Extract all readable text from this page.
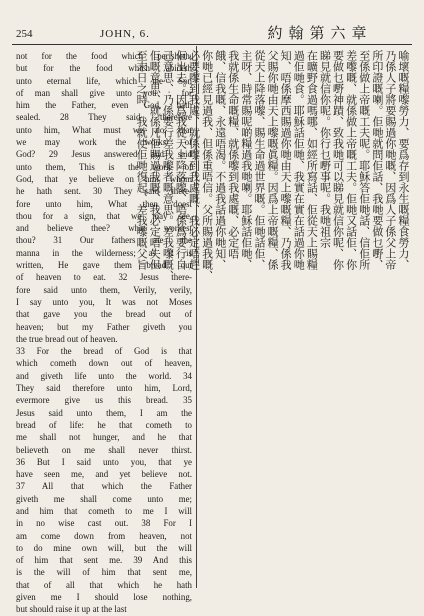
254	JOHN, 6.	約翰第六章
not for the food which perisheth,
but for the food which abideth
unto eternal life, which the Son
of man shall give unto you : for
him the Father, even God, hath
sealed. 28 They said therefore
unto him, What must we do, that
we may work the works of
God? 29 Jesus answered and said
unto them, This is the work of
God, that ye believe on him whom
he hath sent. 30 They said there-
fore unto him, What then doest
thou for a sign, that we may see,
and believe thee? what workest
thou? 31 Our fathers ate the
manna in the wilderness; as it is
written, He gave them bread out
of heaven to eat. 32 Jesus there-
fore said unto them, Verily, verily,
I say unto you, It was not Moses
that gave you the bread out of
heaven; but my Father giveth you
the true bread out of heaven.
33 For the bread of God is that
which cometh down out of heaven,
and giveth life unto the world. 34
They said therefore unto him, Lord,
evermore give us this bread. 35
Jesus said unto them, I am the
bread of life: he that cometh to
me shall not hunger, and he that
believeth on me shall never thirst.
36 But I said unto you, that ye
have seen me, and yet believe not.
37 All that which the Father
giveth me shall come unto me;
and him that cometh to me I will
in no wise cast out. 38 For I
am come down from heaven, not
to do mine own will, but the will
of him that sent me. 39 And this
is the will of him that sent me,
that of all that which he hath
given me I should lose nothing,
but should raise it up at the last
喻壞嘅糧嚟勞力、要爲存到永生嘅糧食勞力、
乃係人子將要賜過你哋嘅、因爲人子係父上帝
所印證嘅喇。佢哋就問佢話、我哋要做乜嘢、
至係做上帝嘅工夫呢。耶穌答佢哋話、信佢所
差嚟嘅、就係做上帝嘅工夫。佢哋又話佢、你
要做乜嘢神蹟、致我哋可以睇見就信你呢、你
睇見就信你呢。你行乜嘢事呢。我哋祖宗
在曠野食過嗎哪、如經所寫話、佢從天上賜糧
過佢哋食。耶穌話佢哋、我實在實在話過你哋
知、唔係摩西賜過你哋由天上嚟嘅糧、乃係我
父賜你哋由天上嚟嘅眞糧。因爲上帝嘅糧、係
從天上降落嚟、賜生命過世界嘅。佢哋話佢、
主呀、時常賜呢啲糧過我哋喇。耶穌話佢哋、
我就係生命嘅糧、就係嚟到我處嘅、必定唔
餓、信我嘅、永遠唔渴。不過我話過你哋知、
你哋已經見過我、但係重唔信。父所賜過我嘅、
必要嚟到我處、就係嚟到我處嘅、我必定唔趕
佢出去。因爲我從天上降落嚟、唔係爲要行自
己意思、乃係要行差我嚟者嘅意思。差我嚟嘅、
佢嘅意思、就係凡佢賜過我嘅、我必定唔失但
至末日之時、我就使佢哋復起、差我嚟嘅父旨
